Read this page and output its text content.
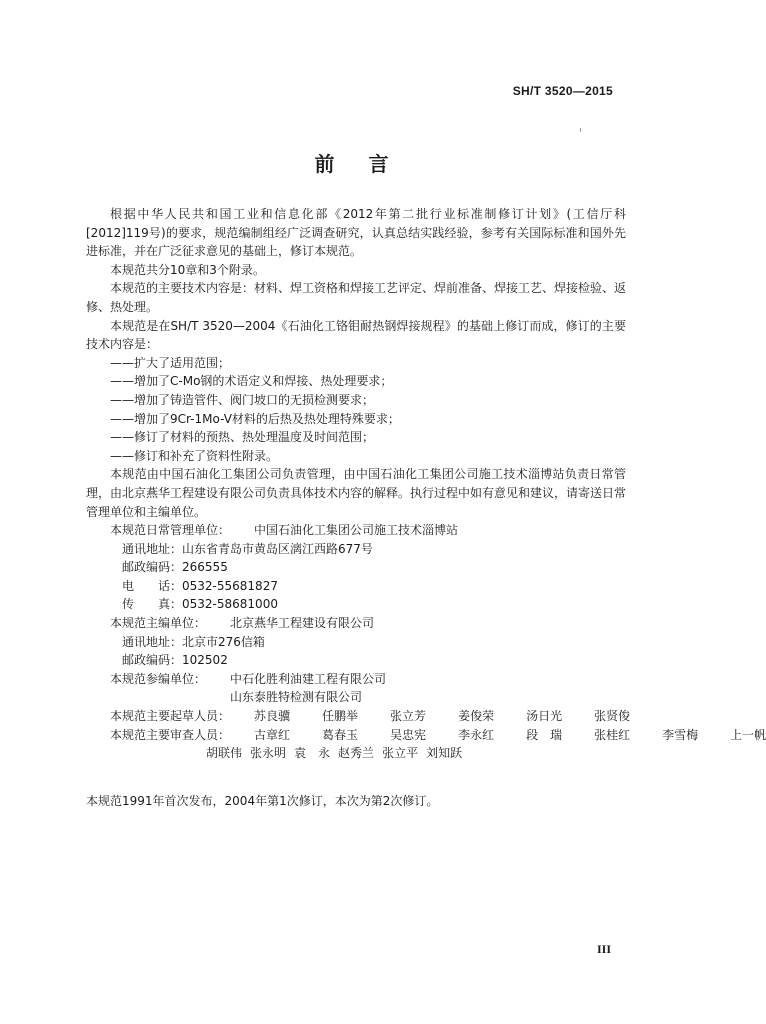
SH/T 3520—2015
前言

根据中华人民共和国工业和信息化部《2012年第二批行业标准制修订计划》(工信厅科[2012]119号)的要求，规范编制组经广泛调查研究，认真总结实践经验，参考有关国际标准和国外先进标准，并在广泛征求意见的基础上，修订本规范。

本规范共分10章和3个附录。

本规范的主要技术内容是：材料、焊工资格和焊接工艺评定、焊前准备、焊接工艺、焊接检验、返修、热处理。

本规范是在SH/T 3520—2004《石油化工铬钼耐热钢焊接规程》的基础上修订而成，修订的主要技术内容是：

——扩大了适用范围；

——增加了C-Mo钢的术语定义和焊接、热处理要求；

——增加了铸造管件、阀门坡口的无损检测要求；

——增加了9Cr-1Mo-V材料的后热及热处理特殊要求；

——修订了材料的预热、热处理温度及时间范围；

——修订和补充了资料性附录。

本规范由中国石油化工集团公司负责管理，由中国石油化工集团公司施工技术淄博站负责日常管理，由北京燕华工程建设有限公司负责具体技术内容的解释。执行过程中如有意见和建议，请寄送日常管理单位和主编单位。

本规范日常管理单位：	中国石油化工集团公司施工技术淄博站

通讯地址： 山东省青岛市黄岛区漓江西路677号

邮政编码： 266555

电　　话： 0532-55681827

传　　真： 0532-58681000

本规范主编单位：	北京燕华工程建设有限公司

通讯地址： 北京市276信箱

邮政编码： 102502

本规范参编单位：	中石化胜利油建工程有限公司

山东泰胜特检测有限公司

本规范主要起草人员：	苏良骥	任鹏举	张立芳	姜俊荣	汤日光	张贤俊

本规范主要审查人员：	古章红	葛春玉	吴忠宪	李永红	段　瑞	张桂红	李雪梅	上一帆

胡联伟 张永明 袁　永 赵秀兰 张立平 刘知跃

本规范1991年首次发布，2004年第1次修订，本次为第2次修订。
III
